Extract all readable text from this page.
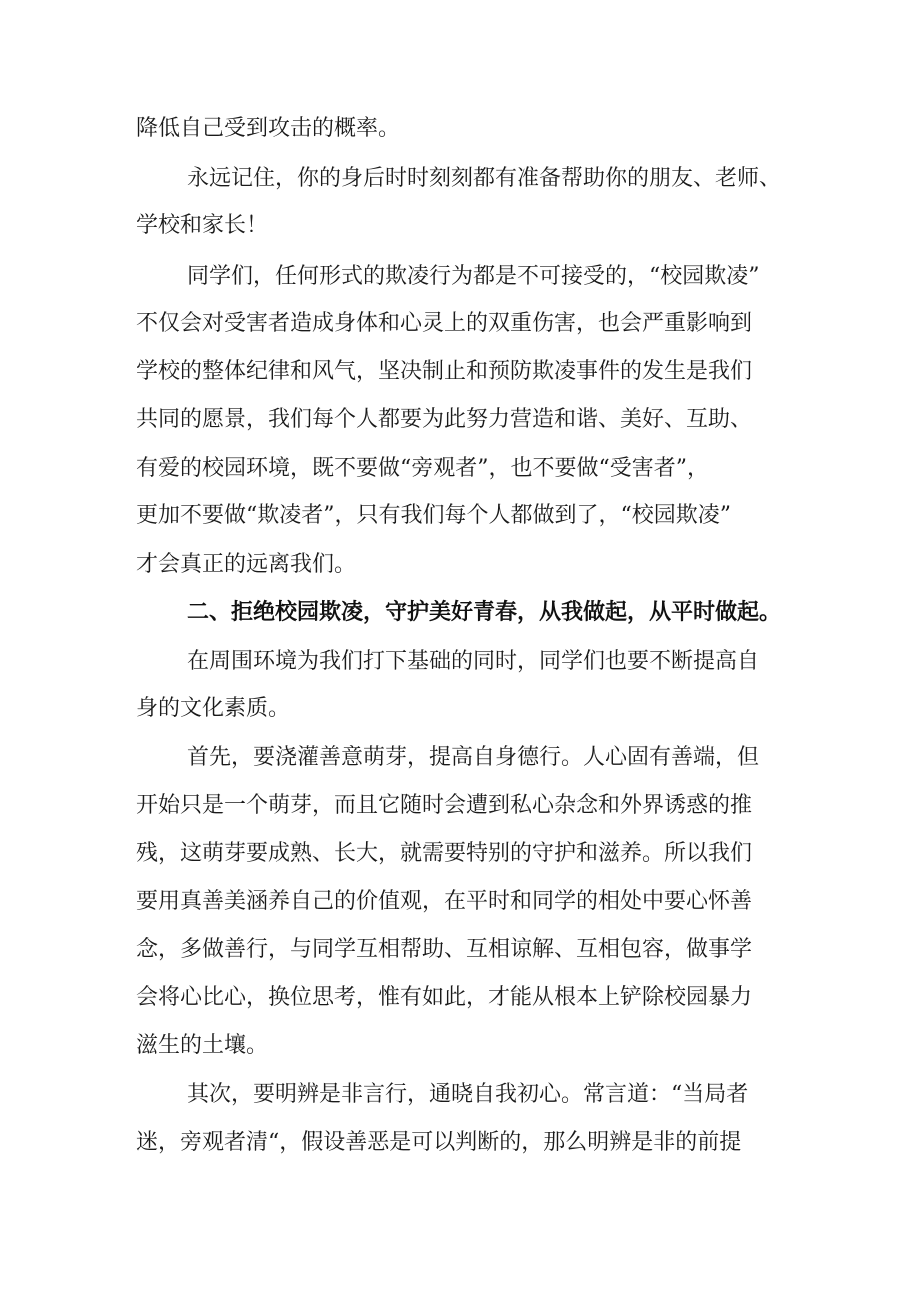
降低自己受到攻击的概率。
永远记住，你的身后时时刻刻都有准备帮助你的朋友、老师、
学校和家长！
同学们，任何形式的欺凌行为都是不可接受的，“校园欺凌”
不仅会对受害者造成身体和心灵上的双重伤害，也会严重影响到
学校的整体纪律和风气，坚决制止和预防欺凌事件的发生是我们
共同的愿景，我们每个人都要为此努力营造和谐、美好、互助、
有爱的校园环境，既不要做“旁观者”，也不要做“受害者”，
更加不要做“欺凌者”，只有我们每个人都做到了，“校园欺凌”
才会真正的远离我们。
二、拒绝校园欺凌，守护美好青春，从我做起，从平时做起。
在周围环境为我们打下基础的同时，同学们也要不断提高自
身的文化素质。
首先，要浇灌善意萌芽，提高自身德行。人心固有善端，但
开始只是一个萌芽，而且它随时会遭到私心杂念和外界诱惑的推
残，这萌芽要成熟、长大，就需要特别的守护和滋养。所以我们
要用真善美涵养自己的价值观，在平时和同学的相处中要心怀善
念，多做善行，与同学互相帮助、互相谅解、互相包容，做事学
会将心比心，换位思考，惟有如此，才能从根本上铲除校园暴力
滋生的土壤。
其次，要明辨是非言行，通晓自我初心。常言道：“当局者
迷，旁观者清“，假设善恶是可以判断的，那么明辨是非的前提
